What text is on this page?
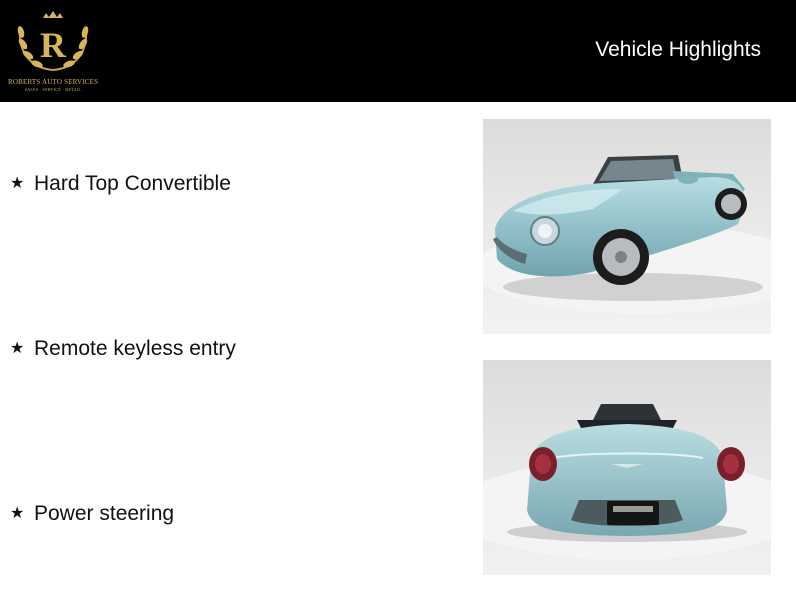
R
ROBERTS AUTO SERVICES
SALES · SERVICE · DETAIL
Vehicle Highlights
★ Hard Top Convertible
★ Remote keyless entry
★ Power steering
